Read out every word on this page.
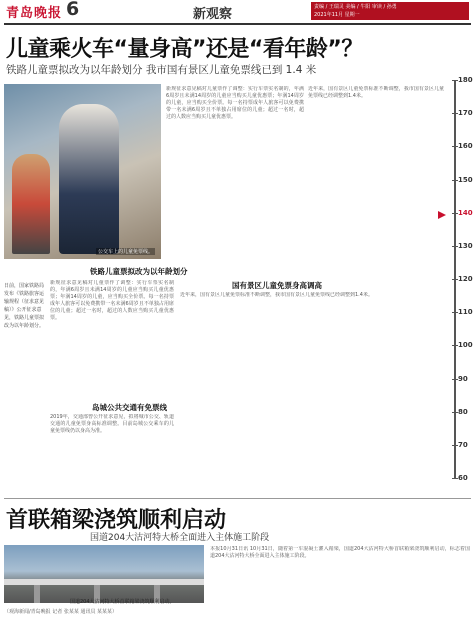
青岛晚报 6	新观察	责编 / 王瑞灵 美编 / 牛阳 审读 / 孙勇
2021年11月 星期一
儿童乘火车“量身高”还是“看年龄”？
铁路儿童票拟改为以年龄划分 我市国有景区儿童免票线已到 1.4 米
公交车上的儿童免票线。
新规征求意见稿对儿童票作了调整：实行车票实名制的，年满6周岁且未满14周岁的儿童应当购买儿童优惠票；年满14周岁的儿童，应当购买全价票。每一名持票成年人旅客可以免费携带一名未满6周岁且不单独占用席位的儿童；超过一名时，超过的人数应当购买儿童优惠票。
近年来，国有景区儿童免票标准不断调整，我市国有景区儿童免票线已经调整到1.4米。
铁路儿童票拟改为以年龄划分
日前，国家铁路局发布《铁路旅客运输规程（征求意见稿）》公开征求意见，铁路儿童票拟改为以年龄划分。
新规征求意见稿对儿童票作了调整：实行车票实名制的，年满6周岁且未满14周岁的儿童应当购买儿童优惠票；年满14周岁的儿童，应当购买全价票。每一名持票成年人旅客可以免费携带一名未满6周岁且不单独占用席位的儿童；超过一名时，超过的人数应当购买儿童优惠票。
岛城公共交通有免票线
2019年，交通部曾公开征求意见，拟将城市公交、轨道交通的儿童免票身高标准调整。目前岛城公交乘车的儿童免票线仍以身高为准。
国有景区儿童免票身高调高
近年来，国有景区儿童免票标准不断调整，我市国有景区儿童免票线已经调整到1.4米。
180
170
160
150
140
130
120
110
100
90
80
70
60
首联箱梁浇筑顺利启动
国道204大沽河特大桥全面进入主体施工阶段
国道204大沽河特大桥首联箱梁浇筑顺利启动。
本报10月31日讯 10月31日，随着第一车混凝土灌入箱梁，国道204大沽河特大桥首联箱梁浇筑顺利启动，标志着国道204大沽河特大桥全面进入主体施工阶段。
（观海新闻/青岛晚报 记者 张某某 通讯员 某某某）
